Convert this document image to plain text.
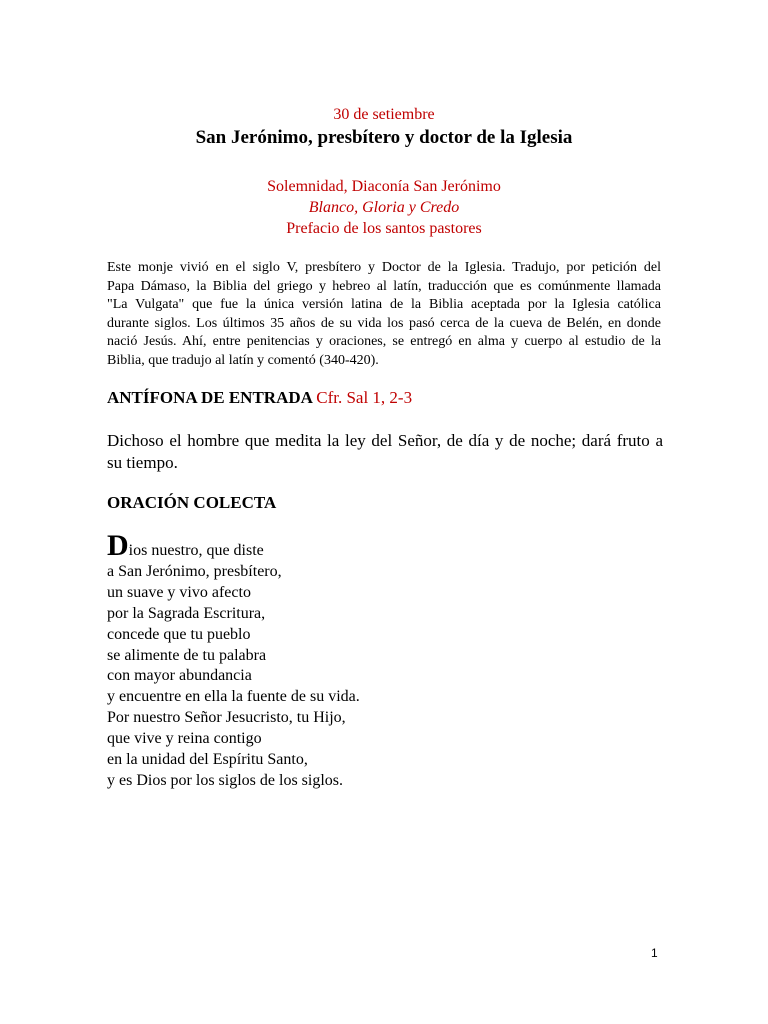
30 de setiembre
San Jerónimo, presbítero y doctor de la Iglesia
Solemnidad, Diaconía San Jerónimo
Blanco, Gloria y Credo
Prefacio de los santos pastores
Este monje vivió en el siglo V, presbítero y Doctor de la Iglesia. Tradujo, por petición del
Papa Dámaso, la Biblia del griego y hebreo al latín, traducción que es comúnmente llamada
"La Vulgata" que fue la única versión latina de la Biblia aceptada por la Iglesia católica
durante siglos. Los últimos 35 años de su vida los pasó cerca de la cueva de Belén, en donde
nació Jesús. Ahí, entre penitencias y oraciones, se entregó en alma y cuerpo al estudio de la
Biblia, que tradujo al latín y comentó (340-420).
ANTÍFONA DE ENTRADA Cfr. Sal 1, 2-3
Dichoso el hombre que medita la ley del Señor, de día y de noche; dará fruto a
su tiempo.
ORACIÓN COLECTA
Dios nuestro, que diste
a San Jerónimo, presbítero,
un suave y vivo afecto
por la Sagrada Escritura,
concede que tu pueblo
se alimente de tu palabra
con mayor abundancia
y encuentre en ella la fuente de su vida.
Por nuestro Señor Jesucristo, tu Hijo,
que vive y reina contigo
en la unidad del Espíritu Santo,
y es Dios por los siglos de los siglos.
1
